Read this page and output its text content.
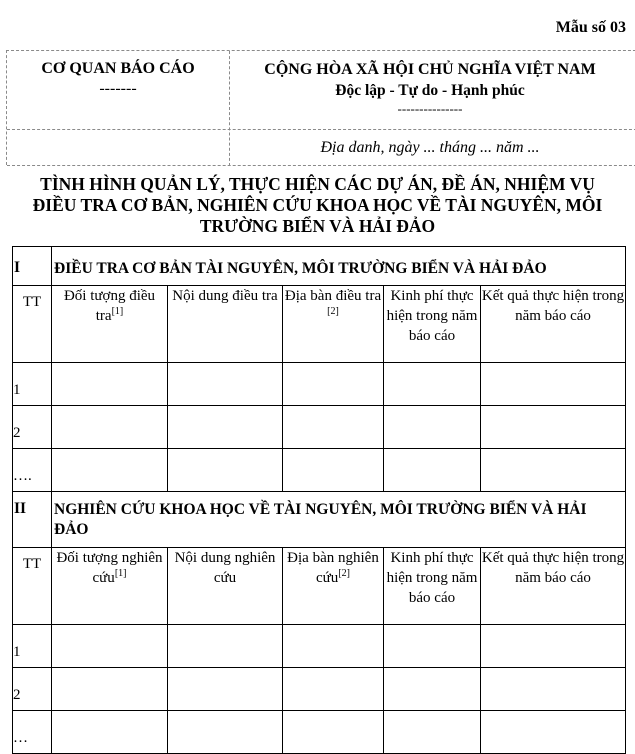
Mẫu số 03
CƠ QUAN BÁO CÁO
-------
CỘNG HÒA XÃ HỘI CHỦ NGHĨA VIỆT NAM
Độc lập - Tự do - Hạnh phúc
---------------
Địa danh, ngày ... tháng ... năm ...
TÌNH HÌNH QUẢN LÝ, THỰC HIỆN CÁC DỰ ÁN, ĐỀ ÁN, NHIỆM VỤ
ĐIỀU TRA CƠ BẢN, NGHIÊN CỨU KHOA HỌC VỀ TÀI NGUYÊN, MÔI
TRƯỜNG BIỂN VÀ HẢI ĐẢO
I	ĐIỀU TRA CƠ BẢN TÀI NGUYÊN, MÔI TRƯỜNG BIỂN VÀ HẢI ĐẢO				
TT	Đối tượng điều tra[1]	Nội dung điều tra	Địa bàn điều tra [2]	Kinh phí thực hiện trong năm báo cáo	Kết quả thực hiện trong năm báo cáo
1					
2					
….					
II	NGHIÊN CỨU KHOA HỌC VỀ TÀI NGUYÊN, MÔI TRƯỜNG BIỂN VÀ HẢI ĐẢO				
TT	Đối tượng nghiên cứu[1]	Nội dung nghiên cứu	Địa bàn nghiên cứu[2]	Kinh phí thực hiện trong năm báo cáo	Kết quả thực hiện trong năm báo cáo
1					
2					
…					
